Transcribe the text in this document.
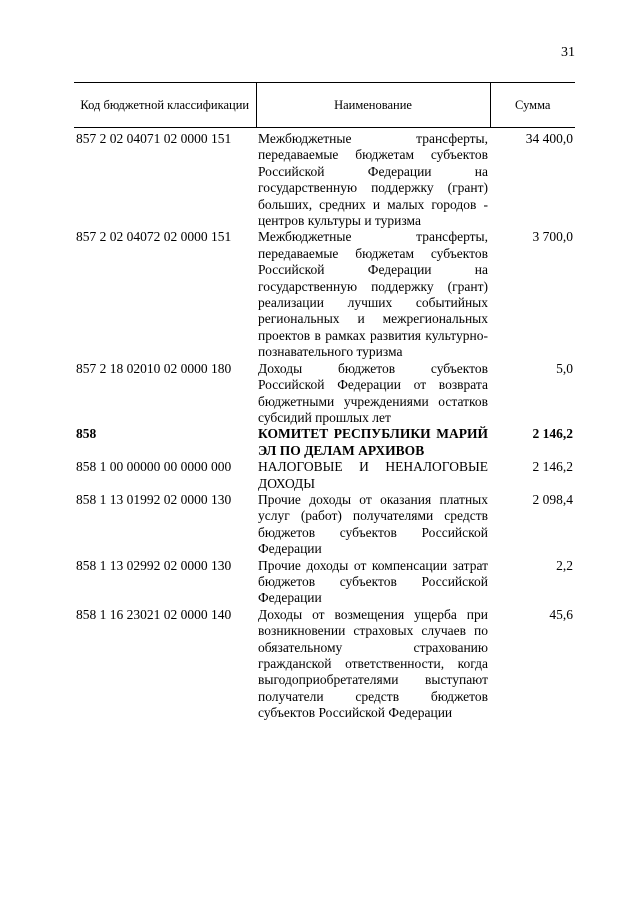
31
Код бюджетной классификации	Наименование	Сумма
857 2 02 04071 02 0000 151	Межбюджетные трансферты, передаваемые бюджетам субъектов Российской Федерации на государственную поддержку (грант) больших, средних и малых городов - центров культуры и туризма	34 400,0
857 2 02 04072 02 0000 151	Межбюджетные трансферты, передаваемые бюджетам субъектов Российской Федерации на государственную поддержку (грант) реализации лучших событийных региональных и межрегиональных проектов в рамках развития культурно-познавательного туризма	3 700,0
857 2 18 02010 02 0000 180	Доходы бюджетов субъектов Российской Федерации от возврата бюджетными учреждениями остатков субсидий прошлых лет	5,0
858	КОМИТЕТ РЕСПУБЛИКИ МАРИЙ ЭЛ ПО ДЕЛАМ АРХИВОВ	2 146,2
858 1 00 00000 00 0000 000	НАЛОГОВЫЕ И НЕНАЛОГОВЫЕ ДОХОДЫ	2 146,2
858 1 13 01992 02 0000 130	Прочие доходы от оказания платных услуг (работ) получателями средств бюджетов субъектов Российской Федерации	2 098,4
858 1 13 02992 02 0000 130	Прочие доходы от компенсации затрат бюджетов субъектов Российской Федерации	2,2
858 1 16 23021 02 0000 140	Доходы от возмещения ущерба при возникновении страховых случаев по обязательному страхованию гражданской ответственности, когда выгодоприобретателями выступают получатели средств бюджетов субъектов Российской Федерации	45,6
